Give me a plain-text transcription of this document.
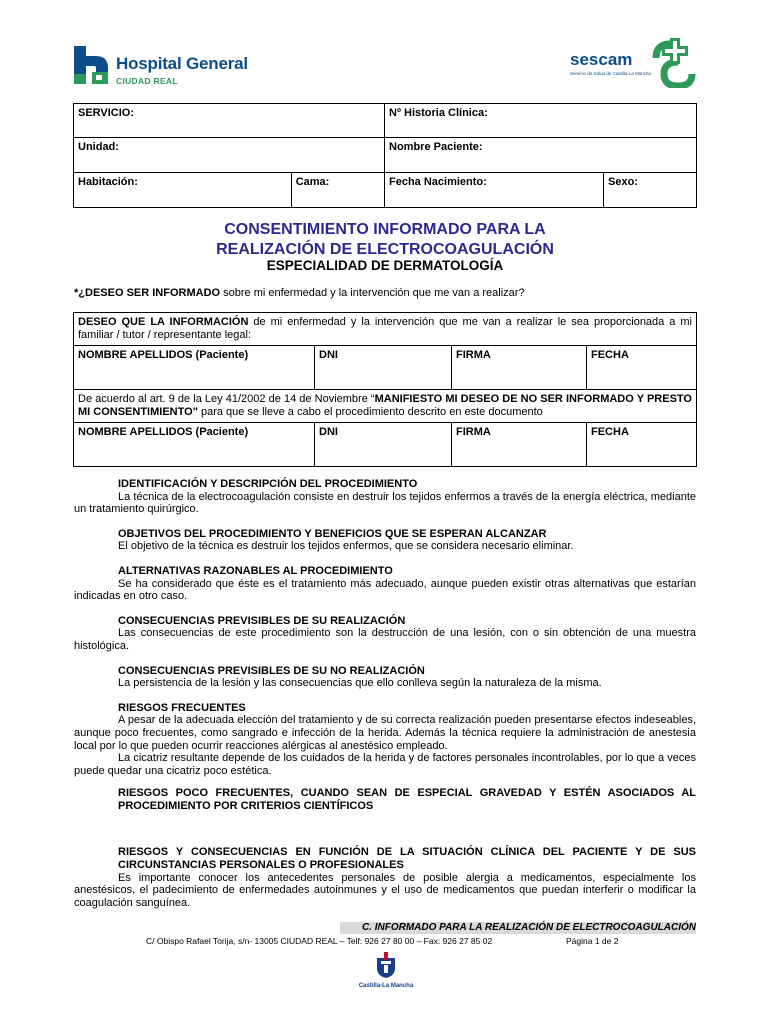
Hospital General
CIUDAD REAL
sescam
Servicio de Salud de Castilla-La Mancha
SERVICIO:		Nº Historia Clínica:	
Unidad:		Nombre Paciente:	
Habitación:	Cama:	Fecha Nacimiento:	Sexo:
CONSENTIMIENTO INFORMADO PARA LA
REALIZACIÓN DE ELECTROCOAGULACIÓN
ESPECIALIDAD DE DERMATOLOGÍA
*¿DESEO SER INFORMADO sobre mi enfermedad y la intervención que me van a realizar?
DESEO QUE LA INFORMACIÓN de mi enfermedad y la intervención que me van a realizar le sea proporcionada a mi familiar / tutor / representante legal:			
NOMBRE APELLIDOS (Paciente)	DNI	FIRMA	FECHA
De acuerdo al art. 9 de la Ley 41/2002 de 14 de Noviembre “MANIFIESTO MI DESEO DE NO SER INFORMADO Y PRESTO MI CONSENTIMIENTO" para que se lleve a cabo el procedimiento descrito en este documento			
NOMBRE APELLIDOS (Paciente)	DNI	FIRMA	FECHA
IDENTIFICACIÓN Y DESCRIPCIÓN DEL PROCEDIMIENTO

La técnica de la electrocoagulación consiste en destruir los tejidos enfermos a través de la energía eléctrica, mediante un tratamiento quirúrgico.

OBJETIVOS DEL PROCEDIMIENTO Y BENEFICIOS QUE SE ESPERAN ALCANZAR

El objetivo de la técnica es destruir los tejidos enfermos, que se considera necesario eliminar.

ALTERNATIVAS RAZONABLES AL PROCEDIMIENTO

Se ha considerado que éste es el tratamiento más adecuado, aunque pueden existir otras alternativas que estarían indicadas en otro caso.

CONSECUENCIAS PREVISIBLES DE SU REALIZACIÓN

Las consecuencias de este procedimiento son la destrucción de una lesión, con o sin obtención de una muestra histológica.

CONSECUENCIAS PREVISIBLES DE SU NO REALIZACIÓN

La persistencia de la lesión y las consecuencias que ello conlleva según la naturaleza de la misma.

RIESGOS FRECUENTES

A pesar de la adecuada elección del tratamiento y de su correcta realización pueden presentarse efectos indeseables, aunque poco frecuentes, como sangrado e infección de la herida. Además la técnica requiere la administración de anestesia local por lo que pueden ocurrir reacciones alérgicas al anestésico empleado.

La cicatriz resultante depende de los cuidados de la herida y de factores personales incontrolables, por lo que a veces puede quedar una cicatriz poco estética.

RIESGOS POCO FRECUENTES, CUANDO SEAN DE ESPECIAL GRAVEDAD Y ESTÉN ASOCIADOS AL PROCEDIMIENTO POR CRITERIOS CIENTÍFICOS
RIESGOS Y CONSECUENCIAS EN FUNCIÓN DE LA SITUACIÓN CLÍNICA DEL PACIENTE Y DE SUS CIRCUNSTANCIAS PERSONALES O PROFESIONALES

Es importante conocer los antecedentes personales de posible alergia a medicamentos, especialmente los anestésicos, el padecimiento de enfermedades autoinmunes y el uso de medicamentos que puedan interferir o modificar la coagulación sanguínea.

C. INFORMADO PARA LA REALIZACIÓN DE ELECTROCOAGULACIÓN
C/ Obispo Rafael Torija, s/n- 13005 CIUDAD REAL – Telf: 926 27 80 00 – Fax: 926 27 85 02	Página 1 de 2
Castilla-La Mancha
